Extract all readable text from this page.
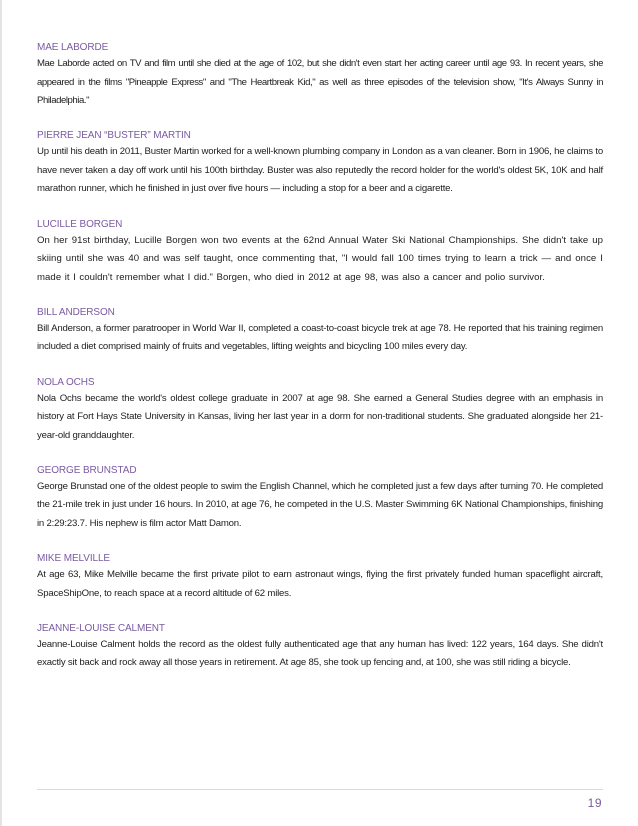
MAE LABORDE

Mae Laborde acted on TV and film until she died at the age of 102, but she didn't even start her acting career until age 93. In recent years, she appeared in the films "Pineapple Express" and "The Heartbreak Kid," as well as three episodes of the television show, "It's Always Sunny in Philadelphia."

PIERRE JEAN “BUSTER” MARTIN

Up until his death in 2011, Buster Martin worked for a well-known plumbing company in London as a van cleaner. Born in 1906, he claims to have never taken a day off work until his 100th birthday. Buster was also reputedly the record holder for the world's oldest 5K, 10K and half marathon runner, which he finished in just over five hours — including a stop for a beer and a cigarette.

LUCILLE BORGEN

On her 91st birthday, Lucille Borgen won two events at the 62nd Annual Water Ski National Championships. She didn't take up skiing until she was 40 and was self taught, once commenting that, "I would fall 100 times trying to learn a trick — and once I made it I couldn't remember what I did." Borgen, who died in 2012 at age 98, was also a cancer and polio survivor.

BILL ANDERSON

Bill Anderson, a former paratrooper in World War II, completed a coast-to-coast bicycle trek at age 78. He reported that his training regimen included a diet comprised mainly of fruits and vegetables, lifting weights and bicycling 100 miles every day.

NOLA OCHS

Nola Ochs became the world's oldest college graduate in 2007 at age 98. She earned a General Studies degree with an emphasis in history at Fort Hays State University in Kansas, living her last year in a dorm for non-traditional students. She graduated alongside her 21-year-old granddaughter.

GEORGE BRUNSTAD

George Brunstad one of the oldest people to swim the English Channel, which he completed just a few days after turning 70. He completed the 21-mile trek in just under 16 hours. In 2010, at age 76, he competed in the U.S. Master Swimming 6K National Championships, finishing in 2:29:23.7. His nephew is film actor Matt Damon.

MIKE MELVILLE

At age 63, Mike Melville became the first private pilot to earn astronaut wings, flying the first privately funded human spaceflight aircraft, SpaceShipOne, to reach space at a record altitude of 62 miles.

JEANNE-LOUISE CALMENT

Jeanne-Louise Calment holds the record as the oldest fully authenticated age that any human has lived: 122 years, 164 days. She didn't exactly sit back and rock away all those years in retirement. At age 85, she took up fencing and, at 100, she was still riding a bicycle.

19
